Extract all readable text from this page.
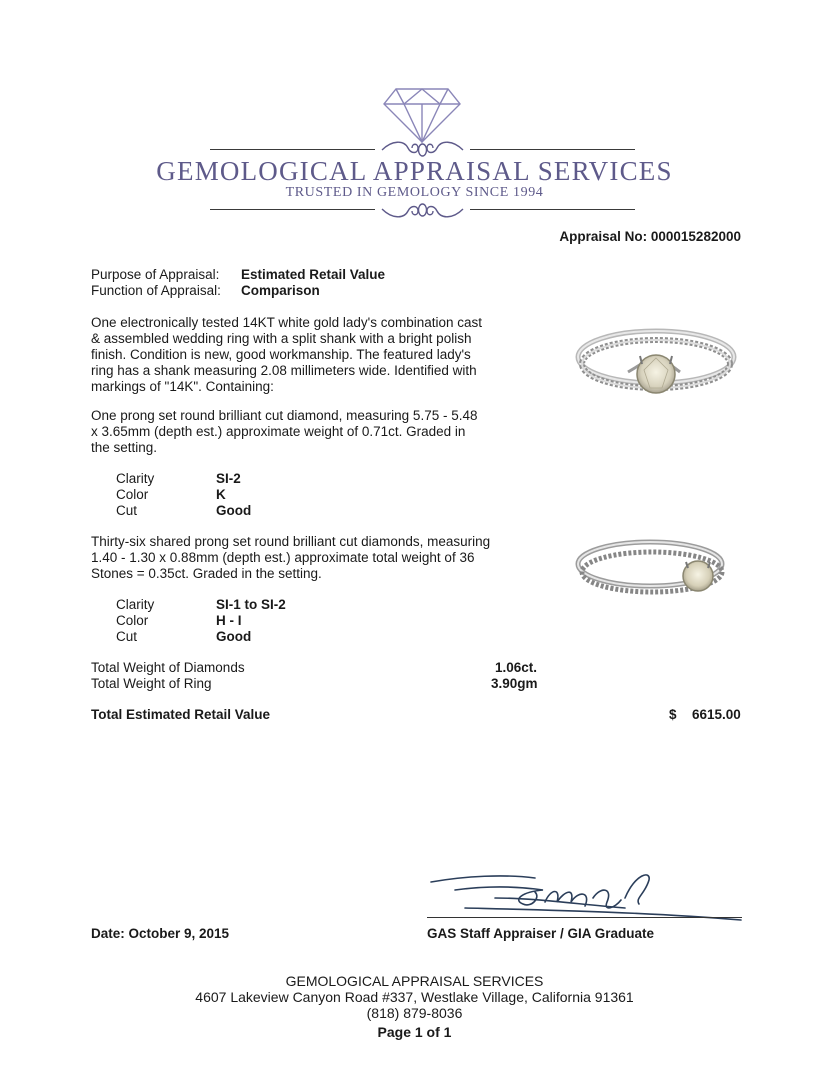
GEMOLOGICAL APPRAISAL SERVICES
TRUSTED IN GEMOLOGY SINCE 1994
Appraisal No: 000015282000
Purpose of Appraisal: Estimated Retail Value
Function of Appraisal: Comparison
One electronically tested 14KT white gold lady's combination cast
& assembled wedding ring with a split shank with a bright polish
finish. Condition is new, good workmanship. The featured lady's
ring has a shank measuring 2.08 millimeters wide. Identified with
markings of "14K". Containing:
One prong set round brilliant cut diamond, measuring 5.75 - 5.48
x 3.65mm (depth est.) approximate weight of 0.71ct. Graded in
the setting.
Clarity	SI-2
Color	K
Cut	Good
Thirty-six shared prong set round brilliant cut diamonds, measuring
1.40 - 1.30 x 0.88mm (depth est.) approximate total weight of 36
Stones = 0.35ct. Graded in the setting.
Clarity	SI-1 to SI-2
Color	H - I
Cut	Good
Total Weight of Diamonds	1.06ct.
Total Weight of Ring	3.90gm
Total Estimated Retail Value	$ 6615.00
Date: October 9, 2015	GAS Staff Appraiser / GIA Graduate
GEMOLOGICAL APPRAISAL SERVICES
4607 Lakeview Canyon Road #337, Westlake Village, California 91361
(818) 879-8036
Page 1 of 1
